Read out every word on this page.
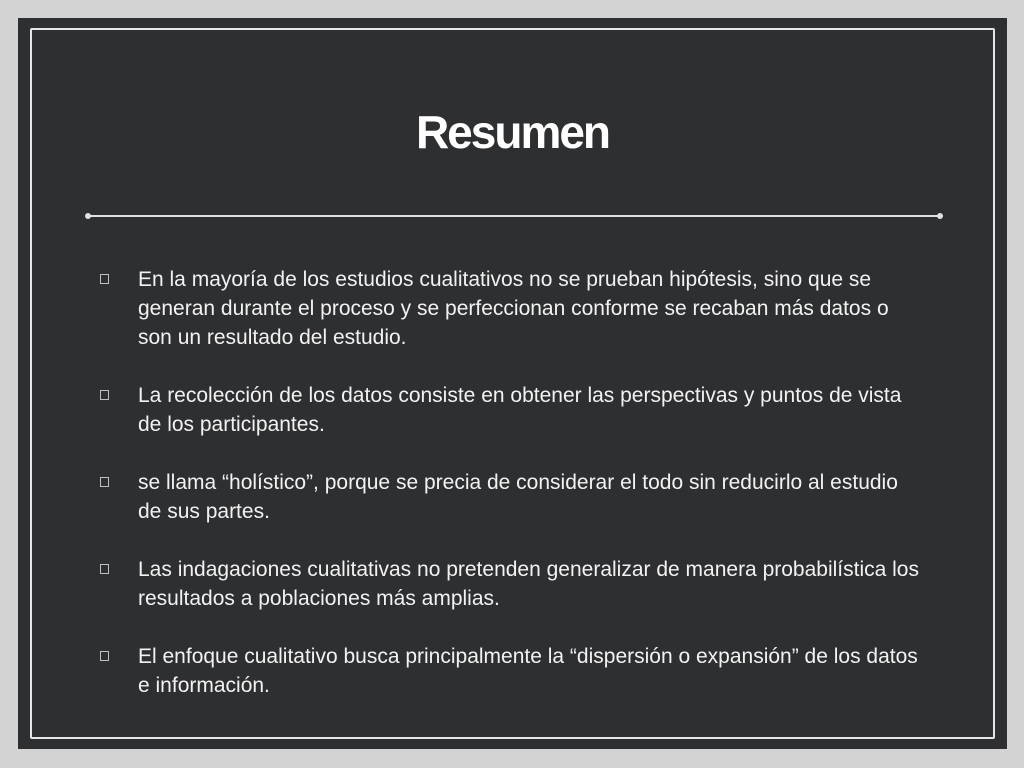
Resumen
En la mayoría de los estudios cualitativos no se prueban hipótesis, sino que se generan durante el proceso y se perfeccionan conforme se recaban más datos o son un resultado del estudio.
La recolección de los datos consiste en obtener las perspectivas y puntos de vista de los participantes.
se llama “holístico”, porque se precia de considerar el todo sin reducirlo al estudio de sus partes.
Las indagaciones cualitativas no pretenden generalizar de manera probabilística los resultados a poblaciones más amplias.
El enfoque cualitativo busca principalmente la “dispersión o expansión” de los datos e información.
